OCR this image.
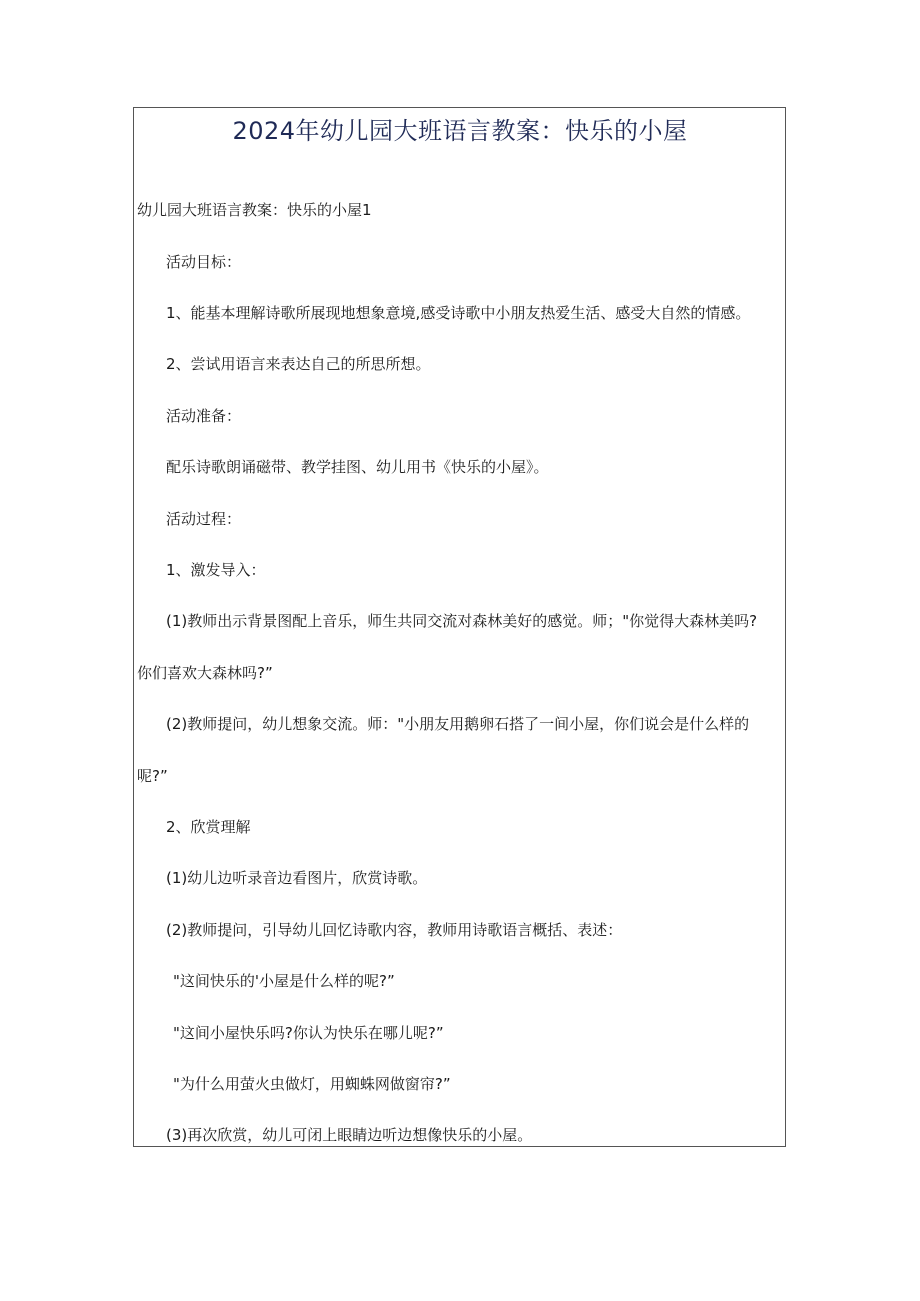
2024年幼儿园大班语言教案：快乐的小屋
幼儿园大班语言教案：快乐的小屋1
活动目标：
1、能基本理解诗歌所展现地想象意境,感受诗歌中小朋友热爱生活、感受大自然的情感。
2、尝试用语言来表达自己的所思所想。
活动准备：
配乐诗歌朗诵磁带、教学挂图、幼儿用书《快乐的小屋》。
活动过程：
1、激发导入：
(1)教师出示背景图配上音乐，师生共同交流对森林美好的感觉。师；"你觉得大森林美吗?
你们喜欢大森林吗?”
(2)教师提问，幼儿想象交流。师："小朋友用鹅卵石搭了一间小屋，你们说会是什么样的
呢?”
2、欣赏理解
(1)幼儿边听录音边看图片，欣赏诗歌。
(2)教师提问，引导幼儿回忆诗歌内容，教师用诗歌语言概括、表述：
"这间快乐的'小屋是什么样的呢?”
"这间小屋快乐吗?你认为快乐在哪儿呢?”
"为什么用萤火虫做灯，用蜘蛛网做窗帘?”
(3)再次欣赏，幼儿可闭上眼睛边听边想像快乐的小屋。
